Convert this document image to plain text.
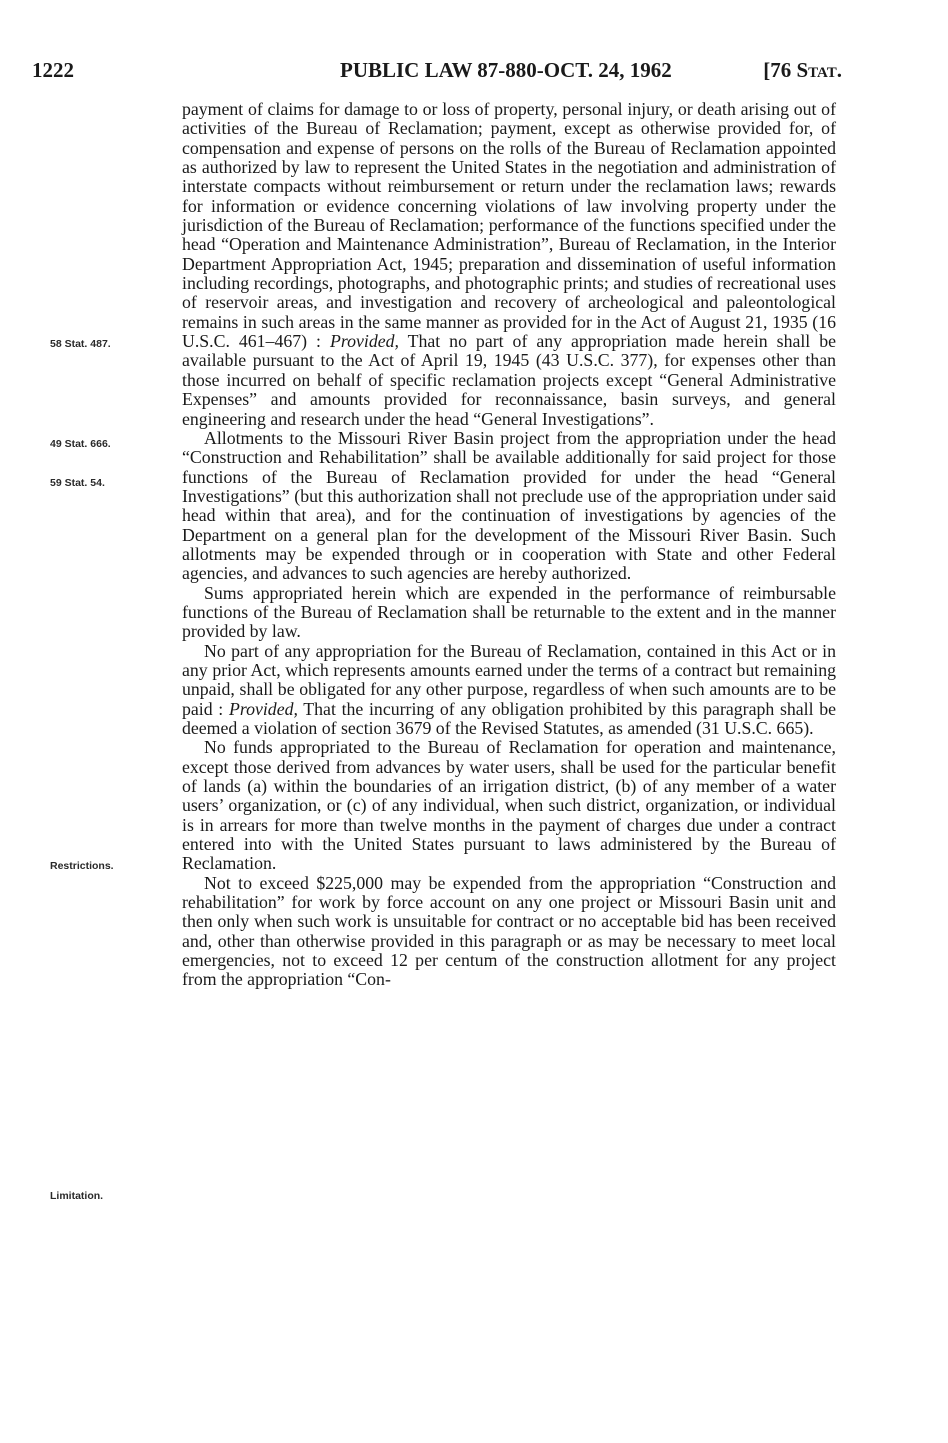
1222	PUBLIC LAW 87-880-OCT. 24, 1962	[76 Stat.
58 Stat. 487.
49 Stat. 666.
59 Stat. 54.
Restrictions.
Limitation.

payment of claims for damage to or loss of property, personal injury, or death arising out of activities of the Bureau of Reclamation; payment, except as otherwise provided for, of compensation and expense of persons on the rolls of the Bureau of Reclamation appointed as authorized by law to represent the United States in the negotiation and administration of interstate compacts without reimbursement or return under the reclamation laws; rewards for information or evidence concerning violations of law involving property under the jurisdiction of the Bureau of Reclamation; performance of the functions specified under the head “Operation and Maintenance Administration”, Bureau of Reclamation, in the Interior Department Appropriation Act, 1945; preparation and dissemination of useful information including recordings, photographs, and photographic prints; and studies of recreational uses of reservoir areas, and investigation and recovery of archeological and paleontological remains in such areas in the same manner as provided for in the Act of August 21, 1935 (16 U.S.C. 461–467) : Provided, That no part of any appropriation made herein shall be available pursuant to the Act of April 19, 1945 (43 U.S.C. 377), for expenses other than those incurred on behalf of specific reclamation projects except “General Administrative Expenses” and amounts provided for reconnaissance, basin surveys, and general engineering and research under the head “General Investigations”.

Allotments to the Missouri River Basin project from the appropriation under the head “Construction and Rehabilitation” shall be available additionally for said project for those functions of the Bureau of Reclamation provided for under the head “General Investigations” (but this authorization shall not preclude use of the appropriation under said head within that area), and for the continuation of investigations by agencies of the Department on a general plan for the development of the Missouri River Basin. Such allotments may be expended through or in cooperation with State and other Federal agencies, and advances to such agencies are hereby authorized.

Sums appropriated herein which are expended in the performance of reimbursable functions of the Bureau of Reclamation shall be returnable to the extent and in the manner provided by law.

No part of any appropriation for the Bureau of Reclamation, contained in this Act or in any prior Act, which represents amounts earned under the terms of a contract but remaining unpaid, shall be obligated for any other purpose, regardless of when such amounts are to be paid : Provided, That the incurring of any obligation prohibited by this paragraph shall be deemed a violation of section 3679 of the Revised Statutes, as amended (31 U.S.C. 665).

No funds appropriated to the Bureau of Reclamation for operation and maintenance, except those derived from advances by water users, shall be used for the particular benefit of lands (a) within the boundaries of an irrigation district, (b) of any member of a water users’ organization, or (c) of any individual, when such district, organization, or individual is in arrears for more than twelve months in the payment of charges due under a contract entered into with the United States pursuant to laws administered by the Bureau of Reclamation.

Not to exceed $225,000 may be expended from the appropriation “Construction and rehabilitation” for work by force account on any one project or Missouri Basin unit and then only when such work is unsuitable for contract or no acceptable bid has been received and, other than otherwise provided in this paragraph or as may be necessary to meet local emergencies, not to exceed 12 per centum of the construction allotment for any project from the appropriation “Con-
